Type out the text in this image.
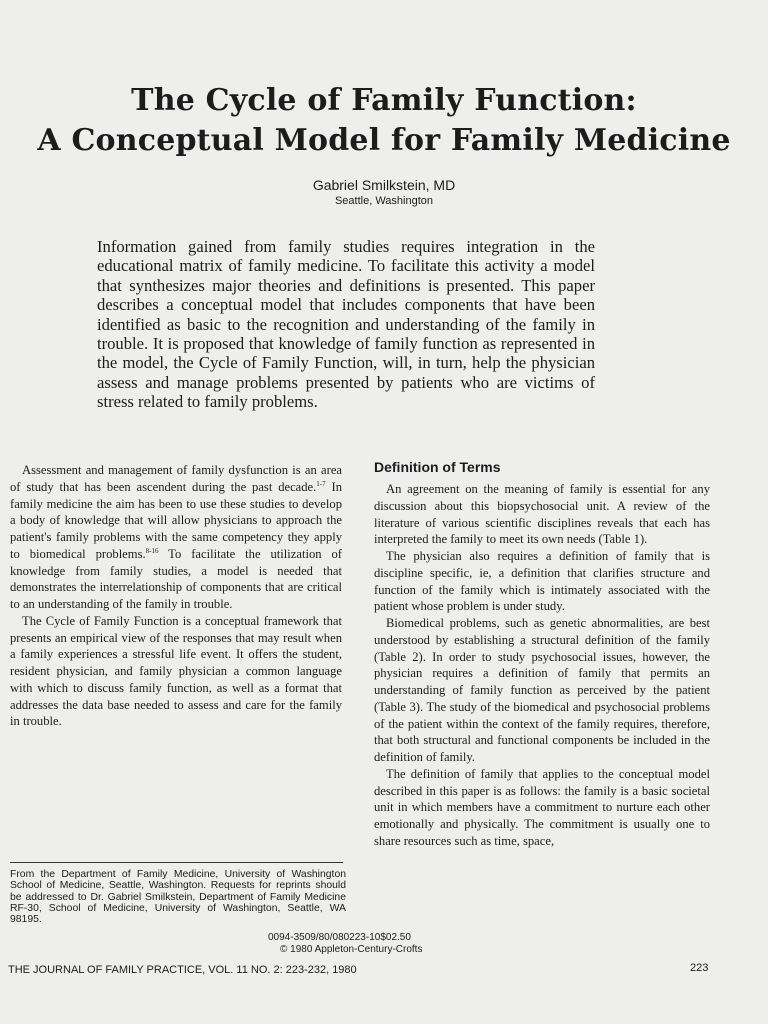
The Cycle of Family Function:
A Conceptual Model for Family Medicine
Gabriel Smilkstein, MD
Seattle, Washington

Information gained from family studies requires integration in the educational matrix of family medicine. To facilitate this activity a model that synthesizes major theories and definitions is presented. This paper describes a conceptual model that includes components that have been identified as basic to the recognition and understanding of the family in trouble. It is proposed that knowledge of family function as represented in the model, the Cycle of Family Function, will, in turn, help the physician assess and manage problems presented by patients who are victims of stress related to family problems.

Assessment and management of family dysfunction is an area of study that has been ascendent during the past decade.$^{1-7}$ In family medicine the aim has been to use these studies to develop a body of knowledge that will allow physicians to approach the patient's family problems with the same competency they apply to biomedical problems.$^{8-16}$ To facilitate the utilization of knowledge from family studies, a model is needed that demonstrates the interrelationship of components that are critical to an understanding of the family in trouble.

The Cycle of Family Function is a conceptual framework that presents an empirical view of the responses that may result when a family experiences a stressful life event. It offers the student, resident physician, and family physician a common language with which to discuss family function, as well as a format that addresses the data base needed to assess and care for the family in trouble.

Definition of Terms

An agreement on the meaning of family is essential for any discussion about this biopsychosocial unit. A review of the literature of various scientific disciplines reveals that each has interpreted the family to meet its own needs (Table 1).

The physician also requires a definition of family that is discipline specific, ie, a definition that clarifies structure and function of the family which is intimately associated with the patient whose problem is under study.

Biomedical problems, such as genetic abnormalities, are best understood by establishing a structural definition of the family (Table 2). In order to study psychosocial issues, however, the physician requires a definition of family that permits an understanding of family function as perceived by the patient (Table 3). The study of the biomedical and psychosocial problems of the patient within the context of the family requires, therefore, that both structural and functional components be included in the definition of family.

The definition of family that applies to the conceptual model described in this paper is as follows: the family is a basic societal unit in which members have a commitment to nurture each other emotionally and physically. The commitment is usually one to share resources such as time, space,

From the Department of Family Medicine, University of Washington School of Medicine, Seattle, Washington. Requests for reprints should be addressed to Dr. Gabriel Smilkstein, Department of Family Medicine RF-30, School of Medicine, University of Washington, Seattle, WA 98195.
0094-3509/80/080223-10$02.50
© 1980 Appleton-Century-Crofts
THE JOURNAL OF FAMILY PRACTICE, VOL. 11 NO. 2: 223-232, 1980	223
